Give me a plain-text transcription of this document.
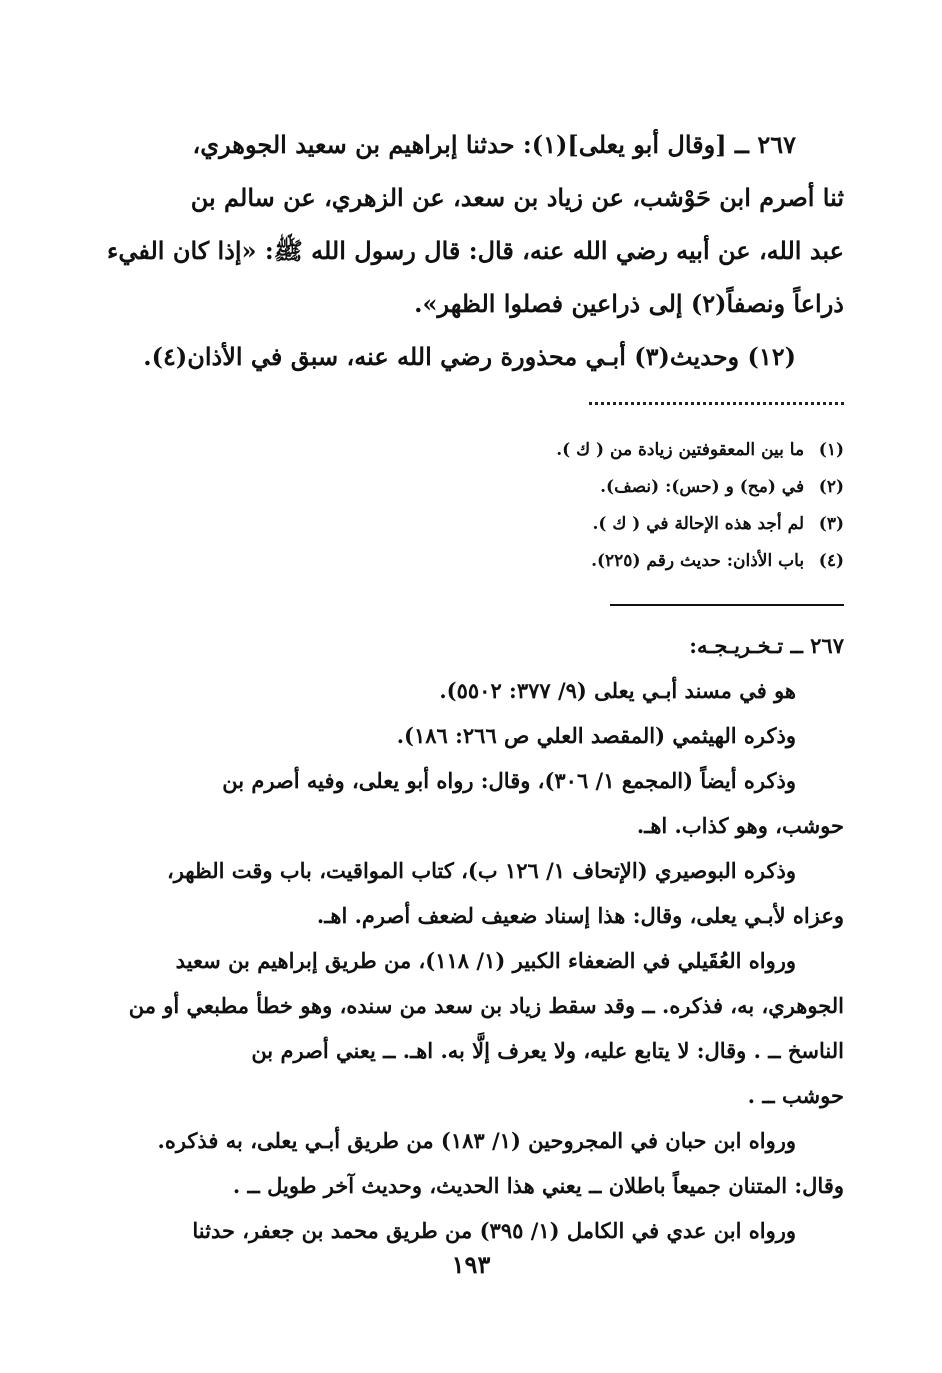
٢٦٧ ــ [وقال أبو يعلى](١): حدثنا إبراهيم بن سعيد الجوهري،

ثنا أصرم ابن حَوْشب، عن زياد بن سعد، عن الزهري، عن سالم بن

عبد الله، عن أبيه رضي الله عنه، قال: قال رسول الله ﷺ: «إذا كان الفيء

ذراعاً ونصفاً(٢) إلى ذراعين فصلوا الظهر».

(١٢) وحديث(٣) أبـي محذورة رضي الله عنه، سبق في الأذان(٤).

(١) ما بين المعقوفتين زيادة من ( ك ).

(٢) في (مح) و (حس): (نصف).

(٣) لم أجد هذه الإحالة في ( ك ).

(٤) باب الأذان: حديث رقم (٢٢٥).

٢٦٧ ــ تـخـريـجـه:

هو في مسند أبـي يعلى (٩/ ٣٧٧: ٥٥٠٢).

وذكره الهيثمي (المقصد العلي ص ٢٦٦: ١٨٦).

وذكره أيضاً (المجمع ١/ ٣٠٦)، وقال: رواه أبو يعلى، وفيه أصرم بن

حوشب، وهو كذاب. اهـ.

وذكره البوصيري (الإتحاف ١/ ١٢٦ ب)، كتاب المواقيت، باب وقت الظهر،

وعزاه لأبـي يعلى، وقال: هذا إسناد ضعيف لضعف أصرم. اهـ.

ورواه العُقَيلي في الضعفاء الكبير (١/ ١١٨)، من طريق إبراهيم بن سعيد

الجوهري، به، فذكره. ــ وقد سقط زياد بن سعد من سنده، وهو خطأ مطبعي أو من

الناسخ ــ . وقال: لا يتابع عليه، ولا يعرف إلَّا به. اهـ. ــ يعني أصرم بن

حوشب ــ .

ورواه ابن حبان في المجروحين (١/ ١٨٣) من طريق أبـي يعلى، به فذكره.

وقال: المتنان جميعاً باطلان ــ يعني هذا الحديث، وحديث آخر طويل ــ .

ورواه ابن عدي في الكامل (١/ ٣٩٥) من طريق محمد بن جعفر، حدثنا

١٩٣
